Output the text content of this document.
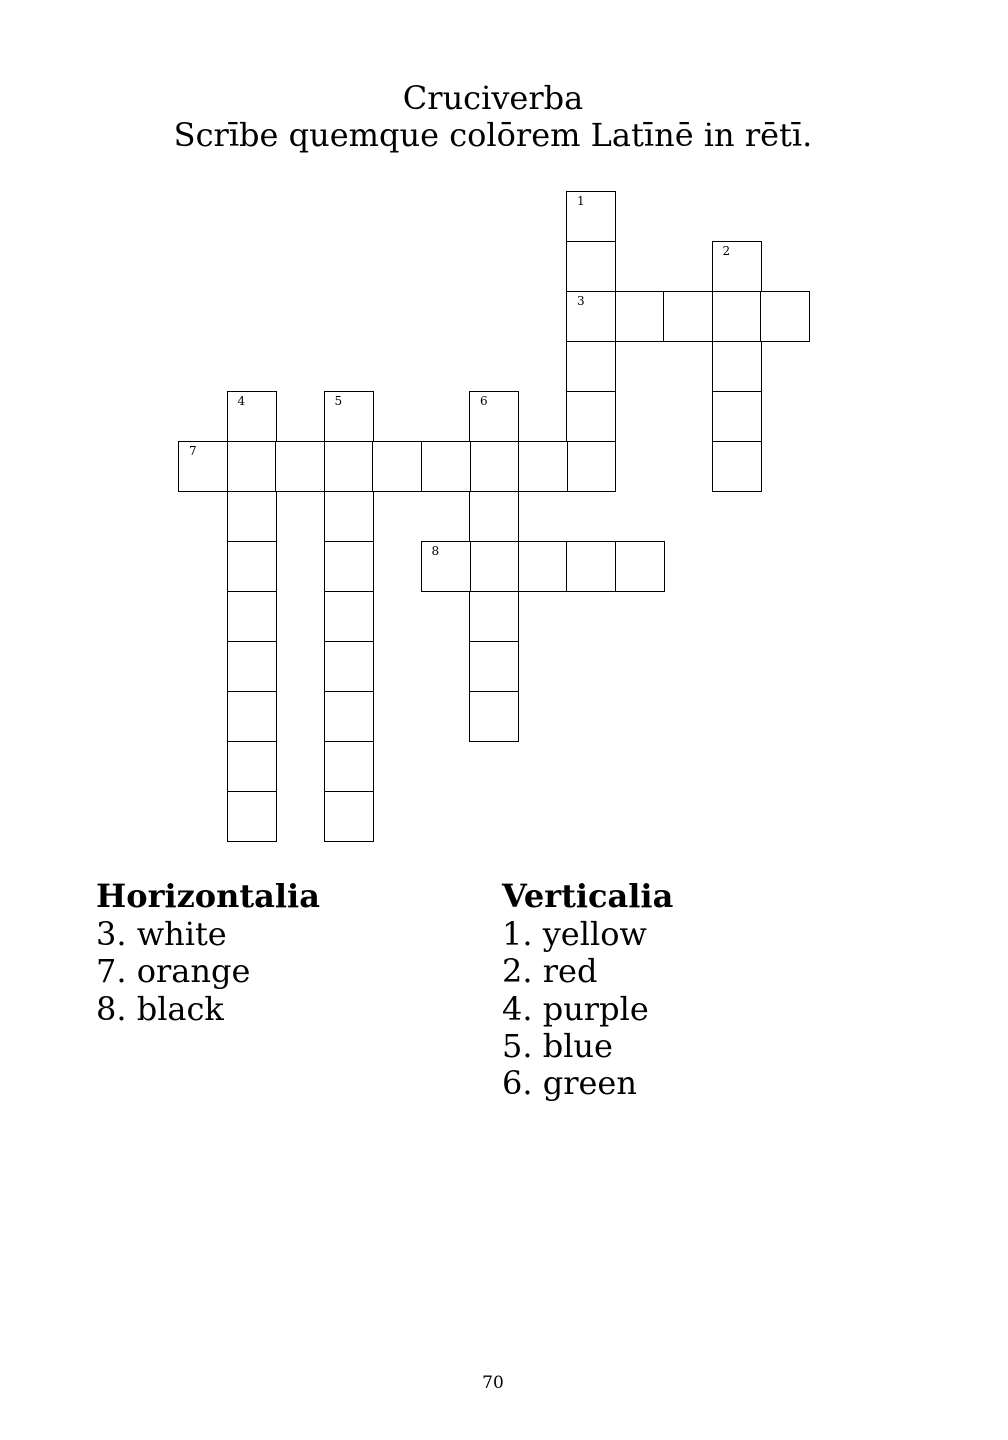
Cruciverba
Scrībe quemque colōrem Latīnē in rētī.
1
3
2
4	5	6
7
8
Horizontalia
3. white
7. orange
8. black
Verticalia
1. yellow
2. red
4. purple
5. blue
6. green
70
